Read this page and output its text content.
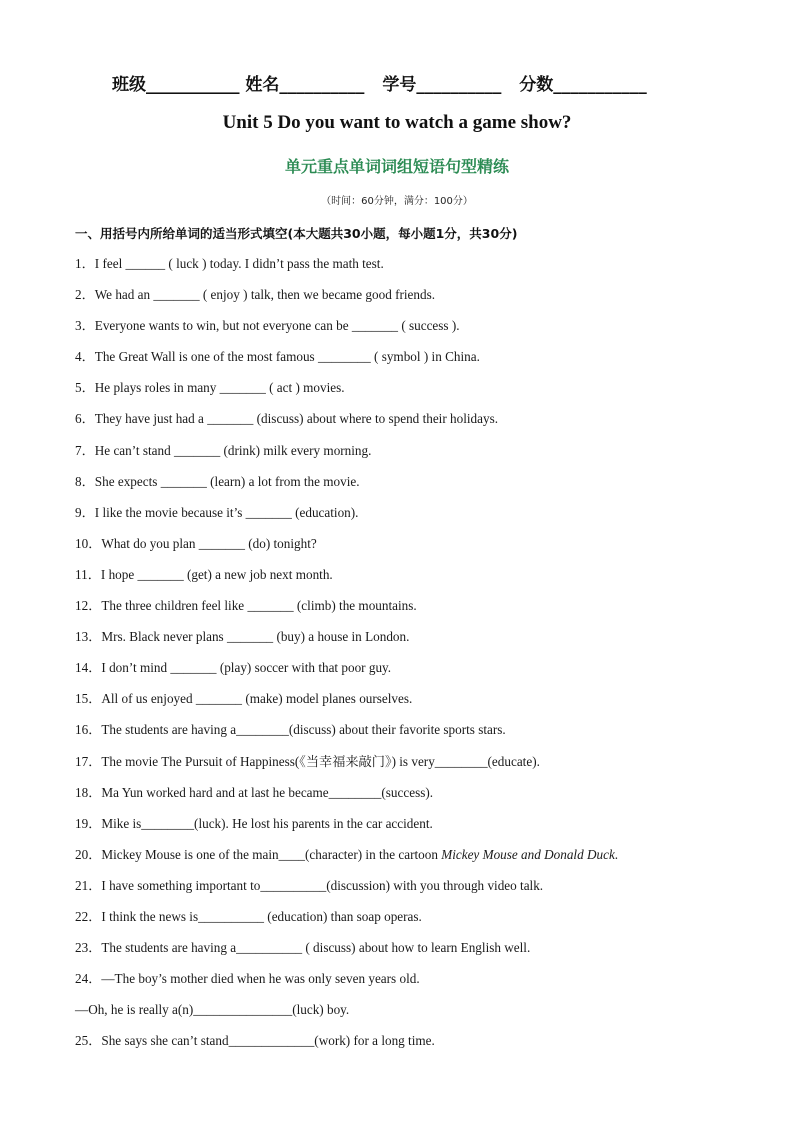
班级___________ 姓名__________ 学号__________ 分数___________
Unit 5 Do you want to watch a game show?
单元重点单词词组短语句型精练
（时间：60分钟，满分：100分）
一、用括号内所给单词的适当形式填空(本大题共30小题，每小题1分，共30分)
1．I feel ______ ( luck ) today. I didn’t pass the math test.
2．We had an _______ ( enjoy ) talk, then we became good friends.
3．Everyone wants to win, but not everyone can be _______ ( success ).
4．The Great Wall is one of the most famous ________ ( symbol ) in China.
5．He plays roles in many _______ ( act ) movies.
6．They have just had a _______ (discuss) about where to spend their holidays.
7．He can’t stand _______ (drink) milk every morning.
8．She expects _______ (learn) a lot from the movie.
9．I like the movie because it’s _______ (education).
10．What do you plan _______ (do) tonight?
11．I hope _______ (get) a new job next month.
12．The three children feel like _______ (climb) the mountains.
13．Mrs. Black never plans _______ (buy) a house in London.
14．I don’t mind _______ (play) soccer with that poor guy.
15．All of us enjoyed _______ (make) model planes ourselves.
16．The students are having a________(discuss) about their favorite sports stars.
17．The movie The Pursuit of Happiness(《当幸福来敲门》) is very________(educate).
18．Ma Yun worked hard and at last he became________(success).
19．Mike is________(luck). He lost his parents in the car accident.
20．Mickey Mouse is one of the main____(character) in the cartoon Mickey Mouse and Donald Duck.
21．I have something important to__________(discussion) with you through video talk.
22．I think the news is__________ (education) than soap operas.
23．The students are having a__________ ( discuss) about how to learn English well.
24．—The boy’s mother died when he was only seven years old.
—Oh, he is really a(n)_______________(luck) boy.
25．She says she can’t stand_____________(work) for a long time.
